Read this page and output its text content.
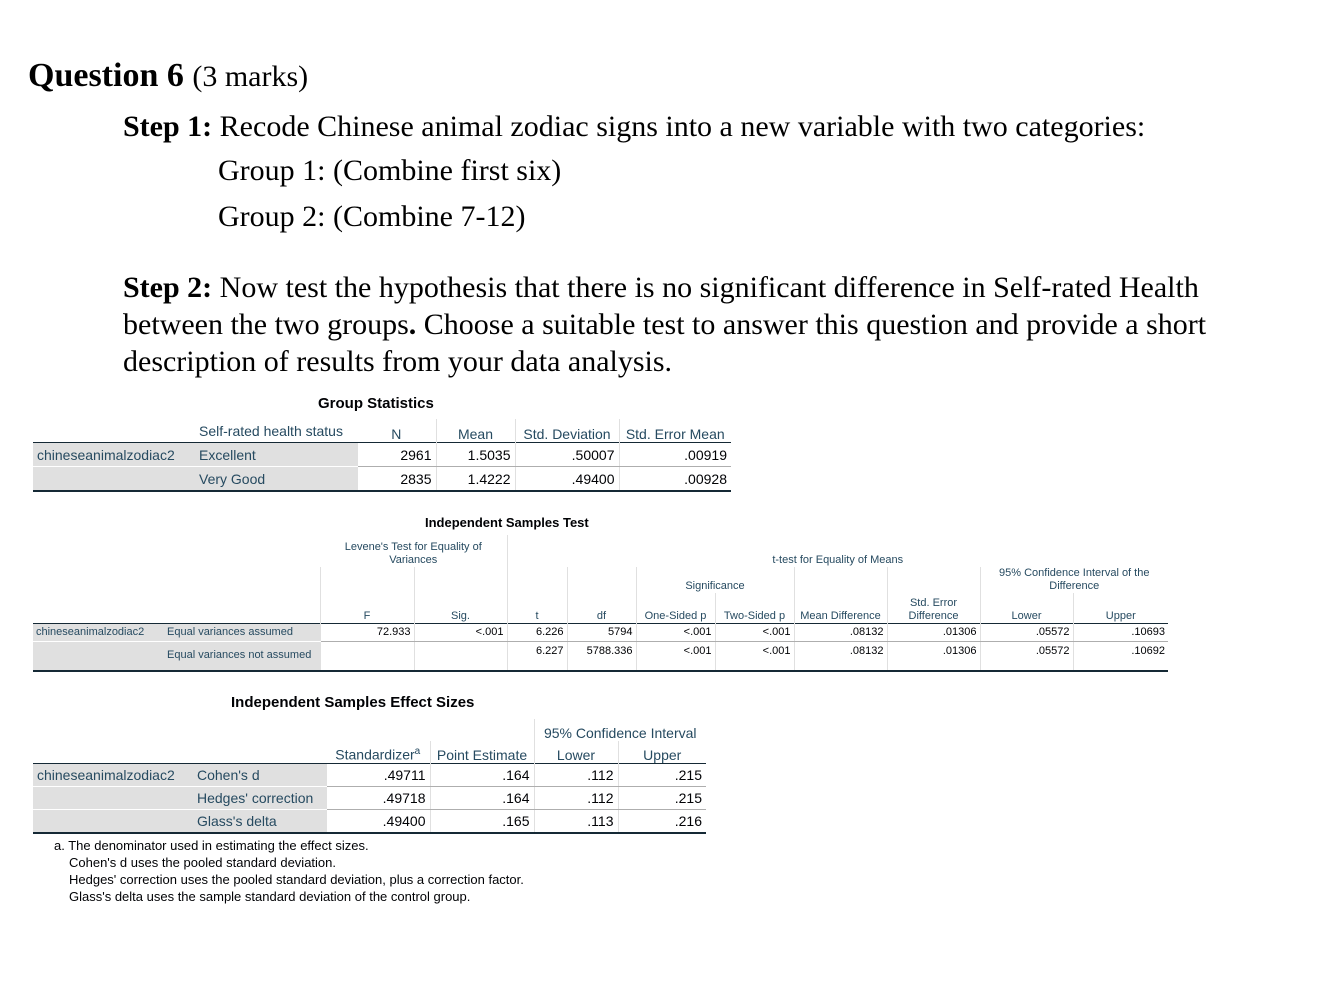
Question 6 (3 marks)
Step 1: Recode Chinese animal zodiac signs into a new variable with two categories:
Group 1: (Combine first six)
Group 2: (Combine 7-12)
Step 2: Now test the hypothesis that there is no significant difference in Self-rated Health between the two groups. Choose a suitable test to answer this question and provide a short description of results from your data analysis.
Group Statistics
	Self-rated health status	N	Mean	Std. Deviation	Std. Error Mean
chineseanimalzodiac2	Excellent	2961	1.5035	.50007	.00919
	Very Good	2835	1.4222	.49400	.00928
Independent Samples Test
		Levene's Test for Equality of Variances		t-test for Equality of Means							
						Significance				95% Confidence Interval of the Difference	
		F	Sig.	t	df	One-Sided p	Two-Sided p	Mean Difference	Std. Error Difference	Lower	Upper
chineseanimalzodiac2	Equal variances assumed	72.933	<.001	6.226	5794	<.001	<.001	.08132	.01306	.05572	.10693
	Equal variances not assumed			6.227	5788.336	<.001	<.001	.08132	.01306	.05572	.10692
Independent Samples Effect Sizes
				95% Confidence Interval	
		Standardizer$^a$	Point Estimate	Lower	Upper
chineseanimalzodiac2	Cohen's d	.49711	.164	.112	.215
	Hedges' correction	.49718	.164	.112	.215
	Glass's delta	.49400	.165	.113	.216
a. The denominator used in estimating the effect sizes.
Cohen's d uses the pooled standard deviation.
Hedges' correction uses the pooled standard deviation, plus a correction factor.
Glass's delta uses the sample standard deviation of the control group.
